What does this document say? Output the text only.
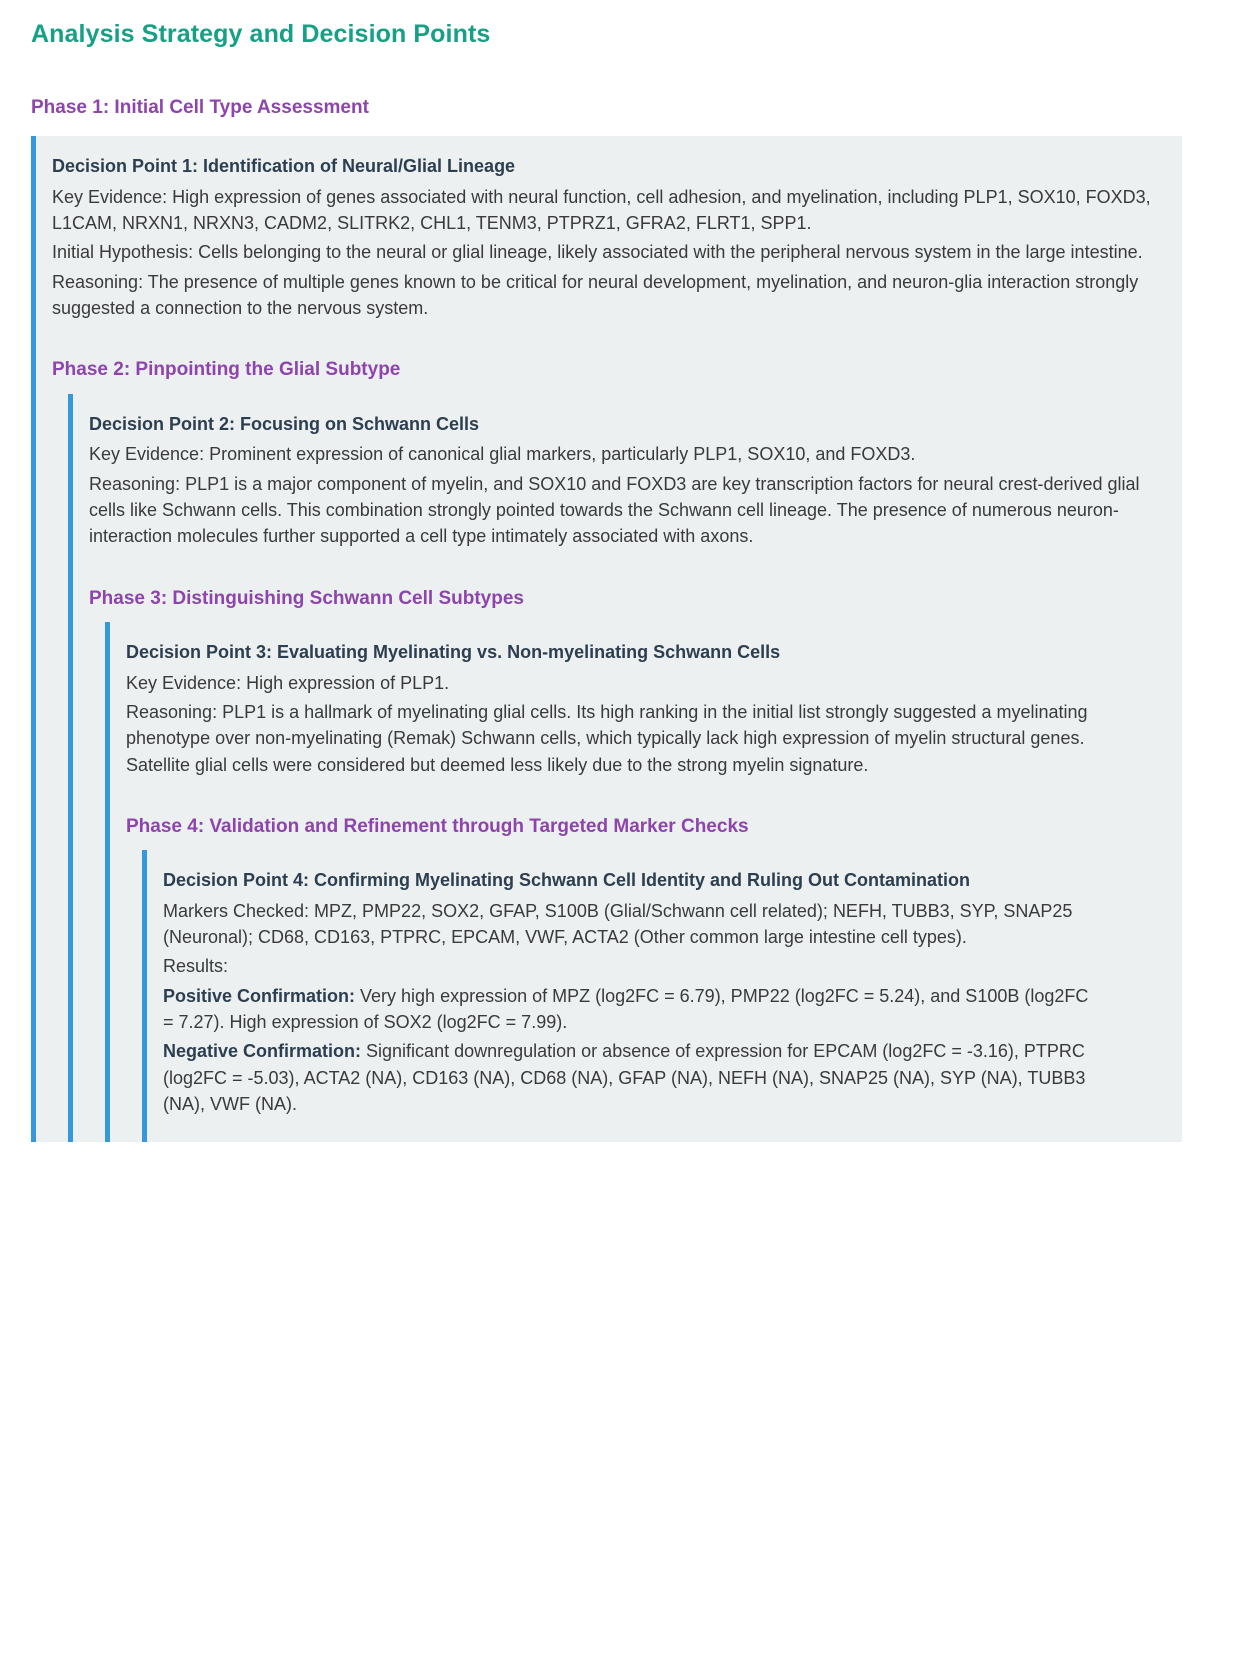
Analysis Strategy and Decision Points
Phase 1: Initial Cell Type Assessment
Decision Point 1: Identification of Neural/Glial Lineage

Key Evidence: High expression of genes associated with neural function, cell adhesion, and myelination, including PLP1, SOX10, FOXD3, L1CAM, NRXN1, NRXN3, CADM2, SLITRK2, CHL1, TENM3, PTPRZ1, GFRA2, FLRT1, SPP1.

Initial Hypothesis: Cells belonging to the neural or glial lineage, likely associated with the peripheral nervous system in the large intestine.

Reasoning: The presence of multiple genes known to be critical for neural development, myelination, and neuron-glia interaction strongly suggested a connection to the nervous system.

Phase 2: Pinpointing the Glial Subtype
Decision Point 2: Focusing on Schwann Cells

Key Evidence: Prominent expression of canonical glial markers, particularly PLP1, SOX10, and FOXD3.

Reasoning: PLP1 is a major component of myelin, and SOX10 and FOXD3 are key transcription factors for neural crest-derived glial cells like Schwann cells. This combination strongly pointed towards the Schwann cell lineage. The presence of numerous neuron-interaction molecules further supported a cell type intimately associated with axons.

Phase 3: Distinguishing Schwann Cell Subtypes
Decision Point 3: Evaluating Myelinating vs. Non-myelinating Schwann Cells

Key Evidence: High expression of PLP1.

Reasoning: PLP1 is a hallmark of myelinating glial cells. Its high ranking in the initial list strongly suggested a myelinating phenotype over non-myelinating (Remak) Schwann cells, which typically lack high expression of myelin structural genes. Satellite glial cells were considered but deemed less likely due to the strong myelin signature.

Phase 4: Validation and Refinement through Targeted Marker Checks
Decision Point 4: Confirming Myelinating Schwann Cell Identity and Ruling Out Contamination

Markers Checked: MPZ, PMP22, SOX2, GFAP, S100B (Glial/Schwann cell related); NEFH, TUBB3, SYP, SNAP25 (Neuronal); CD68, CD163, PTPRC, EPCAM, VWF, ACTA2 (Other common large intestine cell types).

Results:

Positive Confirmation: Very high expression of MPZ (log2FC = 6.79), PMP22 (log2FC = 5.24), and S100B (log2FC = 7.27). High expression of SOX2 (log2FC = 7.99).

Negative Confirmation: Significant downregulation or absence of expression for EPCAM (log2FC = -3.16), PTPRC (log2FC = -5.03), ACTA2 (NA), CD163 (NA), CD68 (NA), GFAP (NA), NEFH (NA), SNAP25 (NA), SYP (NA), TUBB3 (NA), VWF (NA).
